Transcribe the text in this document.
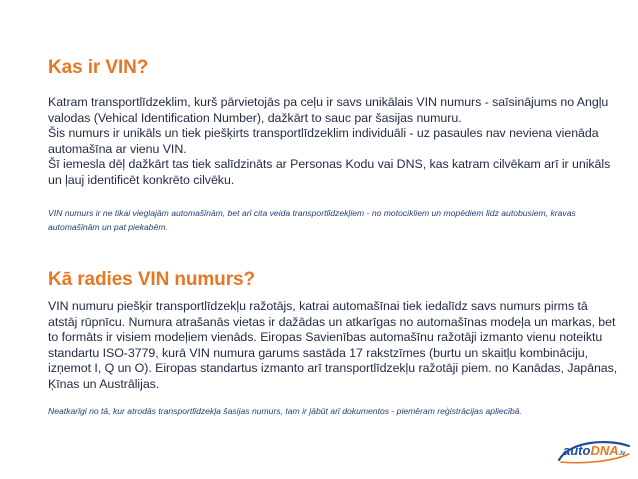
Kas ir VIN?

Katram transportlīdzeklim, kurš pārvietojās pa ceļu ir savs unikālais VIN numurs - saīsinājums no Angļu valodas (Vehical Identification Number), dažkārt to sauc par šasijas numuru.

Šis numurs ir unikāls un tiek piešķirts transportlīdzeklim individuāli - uz pasaules nav neviena vienāda automašīna ar vienu VIN.

Šī iemesla dēļ dažkārt tas tiek salīdzināts ar Personas Kodu vai DNS, kas katram cilvēkam arī ir unikāls un ļauj identificēt konkrēto cilvēku.

VIN numurs ir ne tikai vieglajām automašīnām, bet arī cita veida transportlīdzekļiem - no motocikliem un mopēdiem līdz autobusiem, kravas automašīnām un pat piekabēm.

Kā radies VIN numurs?

VIN numuru piešķir transportlīdzekļu ražotājs, katrai automašīnai tiek iedalīdz savs numurs pirms tā atstāj rūpnīcu. Numura atrašanās vietas ir dažādas un atkarīgas no automašīnas modeļa un markas, bet to formāts ir visiem modeļiem vienāds. Eiropas Savienības automašīnu ražotāji izmanto vienu noteiktu standartu ISO-3779, kurā VIN numura garums sastāda 17 rakstzīmes (burtu un skaitļu kombināciju, izņemot I, Q un O). Eiropas standartus izmanto arī transportlīdzekļu ražotāji piem. no Kanādas, Japānas, Ķīnas un Austrālijas.

Neatkarīgi no tā, kur atrodās transportlīdzekļa šasijas numurs, tam ir jābūt arī dokumentos - piemēram reģistrācijas apliecībā.

autoDNA.lv
